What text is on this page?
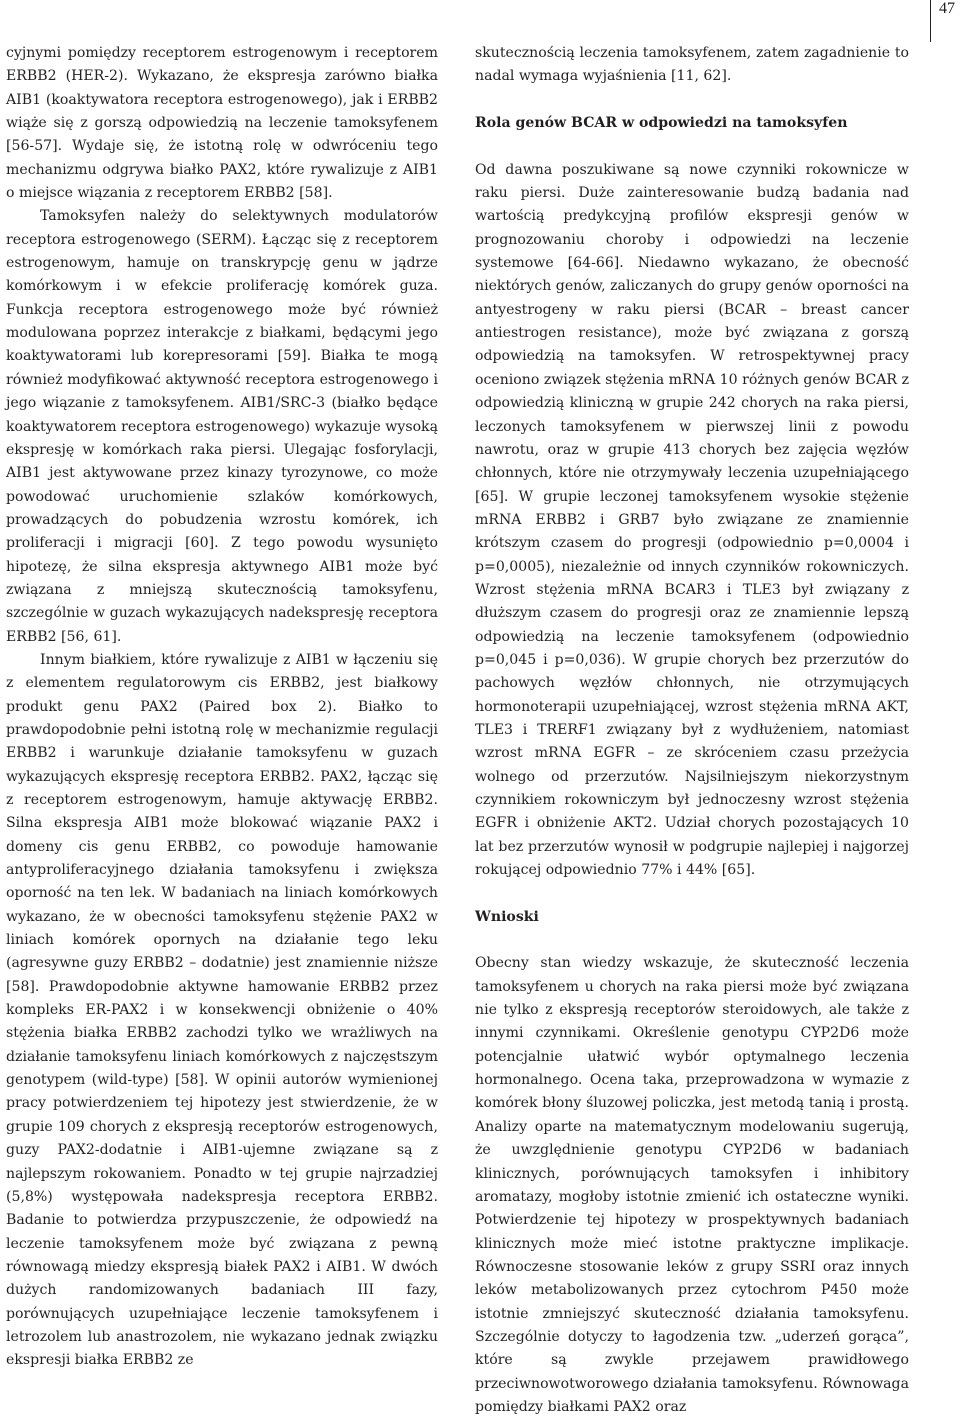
47

cyjnymi pomiędzy receptorem estrogenowym i receptorem ERBB2 (HER-2). Wykazano, że ekspresja zarówno białka AIB1 (koaktywatora receptora estrogenowego), jak i ERBB2 wiąże się z gorszą odpowiedzią na leczenie tamoksyfenem [56-57]. Wydaje się, że istotną rolę w odwróceniu tego mechanizmu odgrywa białko PAX2, które rywalizuje z AIB1 o miejsce wiązania z receptorem ERBB2 [58].

Tamoksyfen należy do selektywnych modulatorów receptora estrogenowego (SERM). Łącząc się z receptorem estrogenowym, hamuje on transkrypcję genu w jądrze komórkowym i w efekcie proliferację komórek guza. Funkcja receptora estrogenowego może być również modulowana poprzez interakcje z białkami, będącymi jego koaktywatorami lub korepresorami [59]. Białka te mogą również modyfikować aktywność receptora estrogenowego i jego wiązanie z tamoksyfenem. AIB1/SRC-3 (białko będące koaktywatorem receptora estrogenowego) wykazuje wysoką ekspresję w komórkach raka piersi. Ulegając fosforylacji, AIB1 jest aktywowane przez kinazy tyrozynowe, co może powodować uruchomienie szlaków komórkowych, prowadzących do pobudzenia wzrostu komórek, ich proliferacji i migracji [60]. Z tego powodu wysunięto hipotezę, że silna ekspresja aktywnego AIB1 może być związana z mniejszą skutecznością tamoksyfenu, szczególnie w guzach wykazujących nadekspresję receptora ERBB2 [56, 61].

Innym białkiem, które rywalizuje z AIB1 w łączeniu się z elementem regulatorowym cis ERBB2, jest białkowy produkt genu PAX2 (Paired box 2). Białko to prawdopodobnie pełni istotną rolę w mechanizmie regulacji ERBB2 i warunkuje działanie tamoksyfenu w guzach wykazujących ekspresję receptora ERBB2. PAX2, łącząc się z receptorem estrogenowym, hamuje aktywację ERBB2. Silna ekspresja AIB1 może blokować wiązanie PAX2 i domeny cis genu ERBB2, co powoduje hamowanie antyproliferacyjnego działania tamoksyfenu i zwiększa oporność na ten lek. W badaniach na liniach komórkowych wykazano, że w obecności tamoksyfenu stężenie PAX2 w liniach komórek opornych na działanie tego leku (agresywne guzy ERBB2 – dodatnie) jest znamiennie niższe [58]. Prawdopodobnie aktywne hamowanie ERBB2 przez kompleks ER-PAX2 i w konsekwencji obniżenie o 40% stężenia białka ERBB2 zachodzi tylko we wrażliwych na działanie tamoksyfenu liniach komórkowych z najczęstszym genotypem (wild-type) [58]. W opinii autorów wymienionej pracy potwierdzeniem tej hipotezy jest stwierdzenie, że w grupie 109 chorych z ekspresją receptorów estrogenowych, guzy PAX2-dodatnie i AIB1-ujemne związane są z najlepszym rokowaniem. Ponadto w tej grupie najrzadziej (5,8%) występowała nadekspresja receptora ERBB2. Badanie to potwierdza przypuszczenie, że odpowiedź na leczenie tamoksyfenem może być związana z pewną równowagą miedzy ekspresją białek PAX2 i AIB1. W dwóch dużych randomizowanych badaniach III fazy, porównujących uzupełniające leczenie tamoksyfenem i letrozolem lub anastrozolem, nie wykazano jednak związku ekspresji białka ERBB2 ze

skutecznością leczenia tamoksyfenem, zatem zagadnienie to nadal wymaga wyjaśnienia [11, 62].

Rola genów BCAR w odpowiedzi na tamoksyfen

Od dawna poszukiwane są nowe czynniki rokownicze w raku piersi. Duże zainteresowanie budzą badania nad wartością predykcyjną profilów ekspresji genów w prognozowaniu choroby i odpowiedzi na leczenie systemowe [64-66]. Niedawno wykazano, że obecność niektórych genów, zaliczanych do grupy genów oporności na antyestrogeny w raku piersi (BCAR – breast cancer antiestrogen resistance), może być związana z gorszą odpowiedzią na tamoksyfen. W retrospektywnej pracy oceniono związek stężenia mRNA 10 różnych genów BCAR z odpowiedzią kliniczną w grupie 242 chorych na raka piersi, leczonych tamoksyfenem w pierwszej linii z powodu nawrotu, oraz w grupie 413 chorych bez zajęcia węzłów chłonnych, które nie otrzymywały leczenia uzupełniającego [65]. W grupie leczonej tamoksyfenem wysokie stężenie mRNA ERBB2 i GRB7 było związane ze znamiennie krótszym czasem do progresji (odpowiednio p=0,0004 i p=0,0005), niezależnie od innych czynników rokowniczych. Wzrost stężenia mRNA BCAR3 i TLE3 był związany z dłuższym czasem do progresji oraz ze znamiennie lepszą odpowiedzią na leczenie tamoksyfenem (odpowiednio p=0,045 i p=0,036). W grupie chorych bez przerzutów do pachowych węzłów chłonnych, nie otrzymujących hormonoterapii uzupełniającej, wzrost stężenia mRNA AKT, TLE3 i TRERF1 związany był z wydłużeniem, natomiast wzrost mRNA EGFR – ze skróceniem czasu przeżycia wolnego od przerzutów. Najsilniejszym niekorzystnym czynnikiem rokowniczym był jednoczesny wzrost stężenia EGFR i obniżenie AKT2. Udział chorych pozostających 10 lat bez przerzutów wynosił w podgrupie najlepiej i najgorzej rokującej odpowiednio 77% i 44% [65].

Wnioski

Obecny stan wiedzy wskazuje, że skuteczność leczenia tamoksyfenem u chorych na raka piersi może być związana nie tylko z ekspresją receptorów steroidowych, ale także z innymi czynnikami. Określenie genotypu CYP2D6 może potencjalnie ułatwić wybór optymalnego leczenia hormonalnego. Ocena taka, przeprowadzona w wymazie z komórek błony śluzowej policzka, jest metodą tanią i prostą. Analizy oparte na matematycznym modelowaniu sugerują, że uwzględnienie genotypu CYP2D6 w badaniach klinicznych, porównujących tamoksyfen i inhibitory aromatazy, mogłoby istotnie zmienić ich ostateczne wyniki. Potwierdzenie tej hipotezy w prospektywnych badaniach klinicznych może mieć istotne praktyczne implikacje. Równoczesne stosowanie leków z grupy SSRI oraz innych leków metabolizowanych przez cytochrom P450 może istotnie zmniejszyć skuteczność działania tamoksyfenu. Szczególnie dotyczy to łagodzenia tzw. „uderzeń gorąca”, które są zwykle przejawem prawidłowego przeciwnowotworowego działania tamoksyfenu. Równowaga pomiędzy białkami PAX2 oraz
